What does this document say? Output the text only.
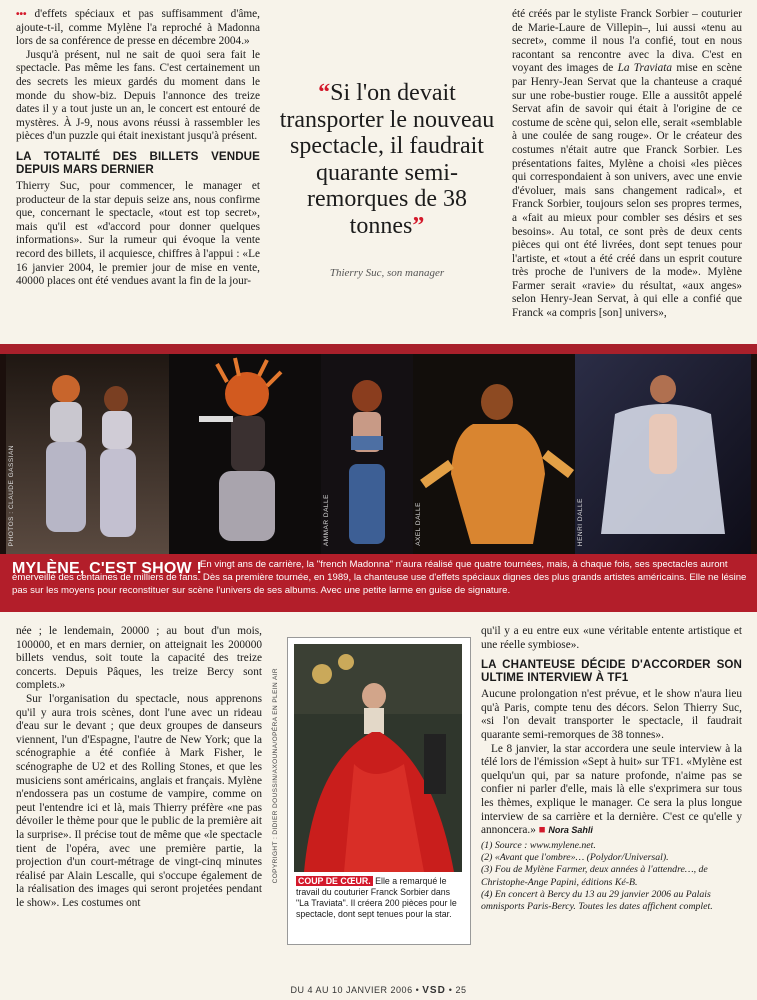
••• d'effets spéciaux et pas suffisamment d'âme, ajoute-t-il, comme Mylène l'a reproché à Madonna lors de sa conférence de presse en décembre 2004.»

Jusqu'à présent, nul ne sait de quoi sera fait le spectacle. Pas même les fans. C'est certainement un des secrets les mieux gardés du moment dans le monde du show-biz. Depuis l'annonce des treize dates il y a tout juste un an, le concert est entouré de mystères. À J-9, nous avons réussi à rassembler les pièces d'un puzzle qui était inexistant jusqu'à présent.

LA TOTALITÉ DES BILLETS VENDUE DEPUIS MARS DERNIER

Thierry Suc, pour commencer, le manager et producteur de la star depuis seize ans, nous confirme que, concernant le spectacle, «tout est top secret», mais qu'il est «d'accord pour donner quelques informations». Sur la rumeur qui évoque la vente record des billets, il acquiesce, chiffres à l'appui : «Le 16 janvier 2004, le premier jour de mise en vente, 40000 places ont été vendues avant la fin de la jour-

“Si l'on devait transporter le nouveau spectacle, il faudrait quarante semi-remorques de 38 tonnes”
Thierry Suc, son manager

été créés par le styliste Franck Sorbier – couturier de Marie-Laure de Villepin–, lui aussi «tenu au secret», comme il nous l'a confié, tout en nous racontant sa rencontre avec la diva. C'est en voyant des images de La Traviata mise en scène par Henry-Jean Servat que la chanteuse a craqué sur une robe-bustier rouge. Elle a aussitôt appelé Servat afin de savoir qui était à l'origine de ce costume de scène qui, selon elle, serait «semblable à une coulée de sang rouge». Or le créateur des costumes n'était autre que Franck Sorbier. Les présentations faites, Mylène a choisi «les pièces qui correspondaient à son univers, avec une envie d'évoluer, mais sans changement radical», et Franck Sorbier, toujours selon ses propres termes, a «fait au mieux pour combler ses désirs et ses besoins». Au total, ce sont près de deux cents pièces qui ont été livrées, dont sept tenues pour l'artiste, et «tout a été créé dans un esprit couture très proche de l'univers de la mode». Mylène Farmer serait «ravie» du résultat, «aux anges» selon Henry-Jean Servat, à qui elle a confié que Franck «a compris [son] univers»,

PHOTOS : CLAUDE GASSIAN	AMMAR DALLE	AXEL DALLE	HENRI DALLE
En vingt ans de carrière, la "french Madonna" n'aura réalisé que quatre tournées, mais, à chaque fois, ses spectacles auront émerveillé des centaines de milliers de fans. Dès sa première tournée, en 1989, la chanteuse use d'effets spéciaux dignes des plus grands artistes américains. Elle ne lésine pas sur les moyens pour reconstituer sur scène l'univers de ses albums. Avec une petite larme en guise de signature.
MYLÈNE, C'EST SHOW !

née ; le lendemain, 20000 ; au bout d'un mois, 100000, et en mars dernier, on atteignait les 200000 billets vendus, soit toute la capacité des treize concerts. Depuis Pâques, les treize Bercy sont complets.»

Sur l'organisation du spectacle, nous apprenons qu'il y aura trois scènes, dont l'une avec un rideau d'eau sur le devant ; que deux groupes de danseurs viennent, l'un d'Espagne, l'autre de New York; que la scénographie a été confiée à Mark Fisher, le scénographe de U2 et des Rolling Stones, et que les musiciens sont américains, anglais et français. Mylène n'endossera pas un costume de vampire, comme on peut l'entendre ici et là, mais Thierry préfère «ne pas dévoiler le thème pour que le public de la première ait la surprise». Il précise tout de même que «le spectacle tient de l'opéra, avec une première partie, la projection d'un court-métrage de vingt-cinq minutes réalisé par Alain Lescalle, qui s'occupe également de la réalisation des images qui seront projetées pendant le show». Les costumes ont

COPYRIGHT : DIDIER DOUSSIN/AXOUNA/OPÉRA EN PLEIN AIR COUP DE CŒUR. Elle a remarqué le travail du couturier Franck Sorbier dans "La Traviata". Il créera 200 pièces pour le spectacle, dont sept tenues pour la star.

qu'il y a eu entre eux «une véritable entente artistique et une réelle symbiose».

LA CHANTEUSE DÉCIDE D'ACCORDER SON ULTIME INTERVIEW À TF1

Aucune prolongation n'est prévue, et le show n'aura lieu qu'à Paris, compte tenu des décors. Selon Thierry Suc, «si l'on devait transporter le spectacle, il faudrait quarante semi-remorques de 38 tonnes».

Le 8 janvier, la star accordera une seule interview à la télé lors de l'émission «Sept à huit» sur TF1. «Mylène est quelqu'un qui, par sa nature profonde, n'aime pas se confier ni parler d'elle, mais là elle s'exprimera sur tous les thèmes, explique le manager. Ce sera la plus longue interview de sa carrière et la dernière. C'est ce qu'elle y annoncera.» ■ Nora Sahli

(1) Source : www.mylene.net.

(2) «Avant que l'ombre»… (Polydor/Universal).

(3) Fou de Mylène Farmer, deux années à l'attendre…, de Christophe-Ange Papini, éditions Ké-B.

(4) En concert à Bercy du 13 au 29 janvier 2006 au Palais omnisports Paris-Bercy. Toutes les dates affichent complet.

DU 4 AU 10 JANVIER 2006 • VSD • 25
